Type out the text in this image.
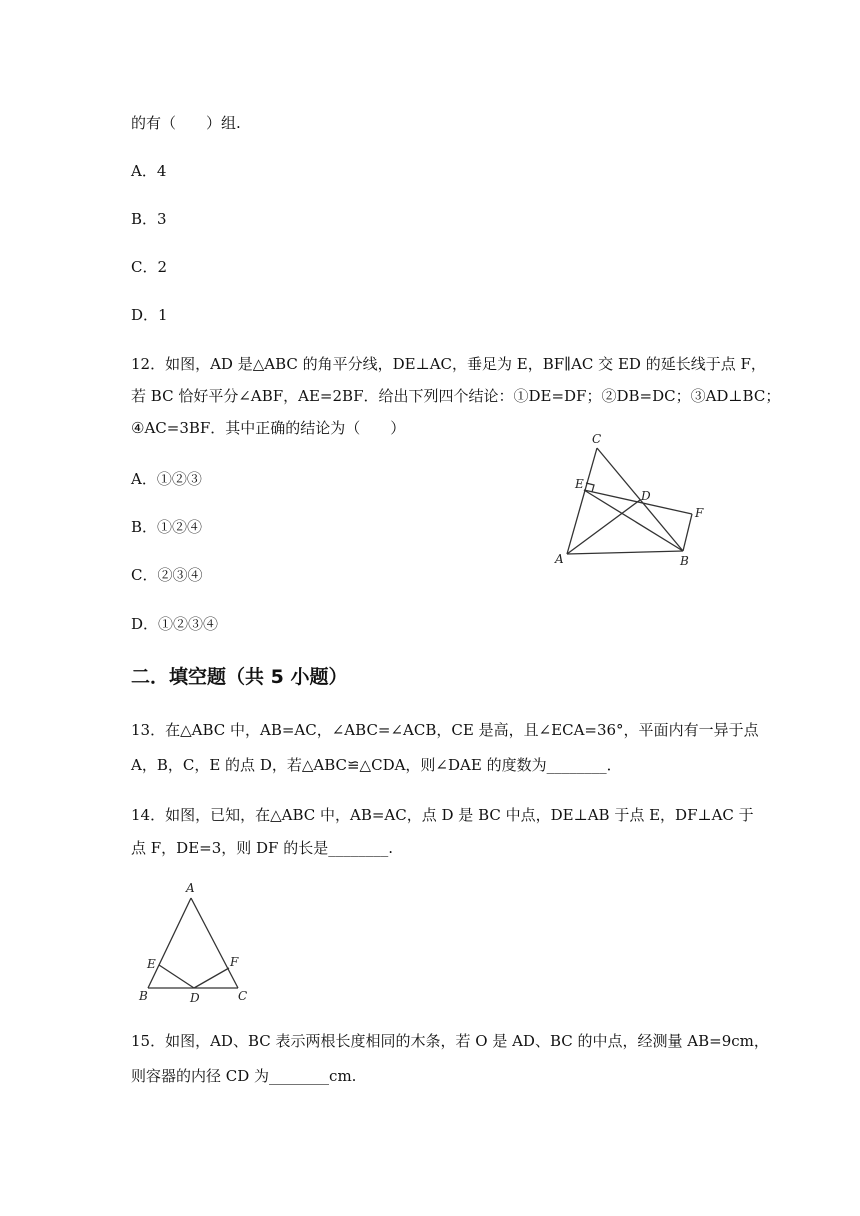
的有（　　）组.
A．4
B．3
C．2
D．1
12．如图，AD 是△ABC 的角平分线，DE⊥AC，垂足为 E，BF∥AC 交 ED 的延长线于点 F，
若 BC 恰好平分∠ABF，AE=2BF．给出下列四个结论：①DE=DF；②DB=DC；③AD⊥BC；
④AC=3BF．其中正确的结论为（　　）
A．①②③
B．①②④
C．②③④
D．①②③④
C
E
D
F
A	B
二．填空题（共 5 小题）
13．在△ABC 中，AB=AC，∠ABC=∠ACB，CE 是高，且∠ECA=36°，平面内有一异于点
A，B，C，E 的点 D，若△ABC≌△CDA，则∠DAE 的度数为________．
14．如图，已知，在△ABC 中，AB=AC，点 D 是 BC 中点，DE⊥AB 于点 E，DF⊥AC 于
点 F，DE=3，则 DF 的长是________.
A
E	F
B	D	C
15．如图，AD、BC 表示两根长度相同的木条，若 O 是 AD、BC 的中点，经测量 AB=9cm，
则容器的内径 CD 为________cm.
